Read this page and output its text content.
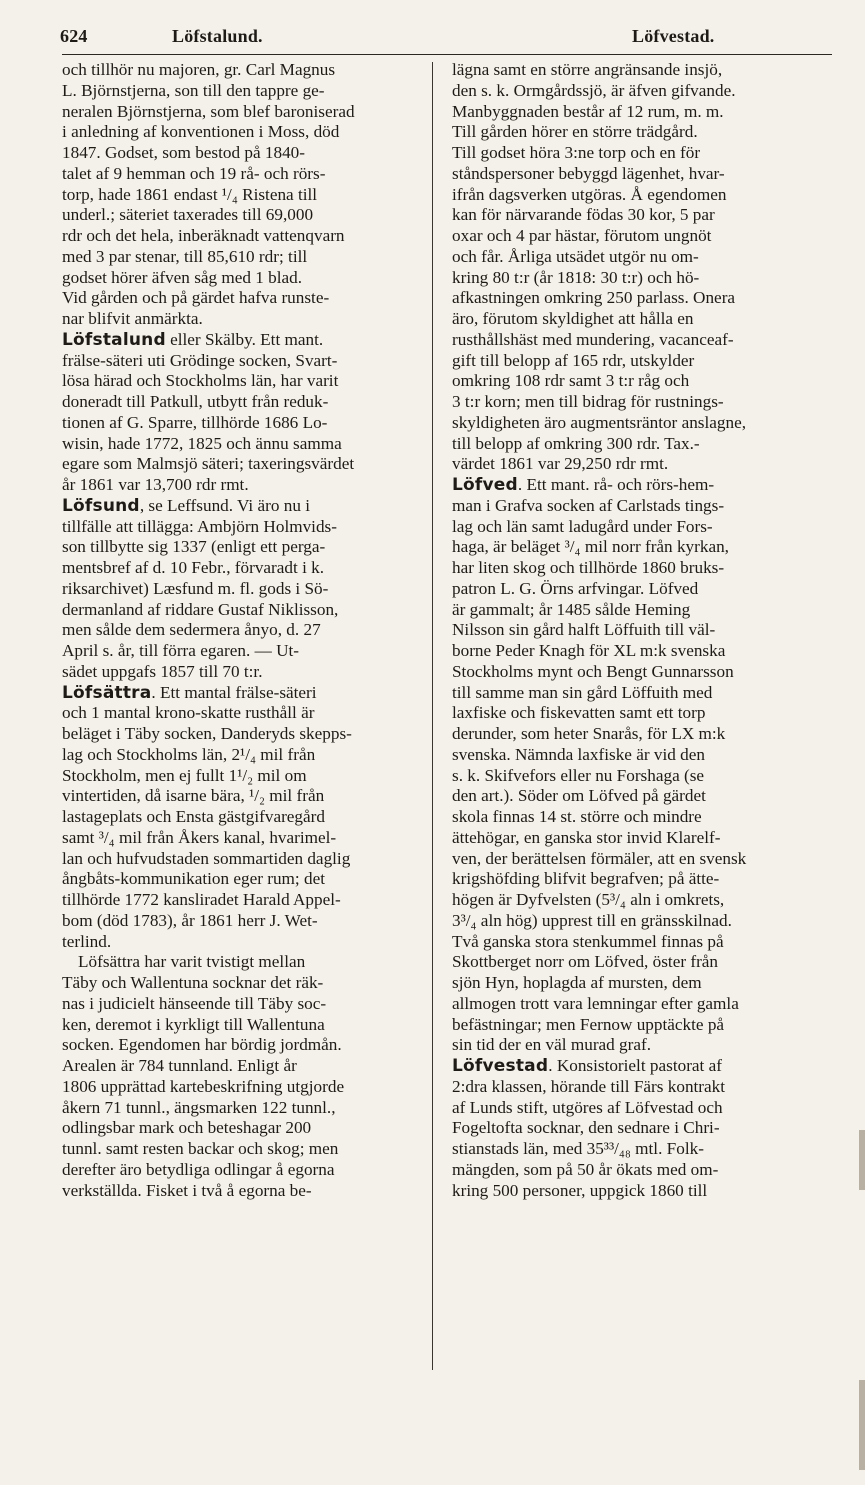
624	Löfstalund.	Löfvestad.
och tillhör nu majoren, gr. Carl Magnus
L. Björnstjerna, son till den tappre ge-
neralen Björnstjerna, som blef baroniserad
i anledning af konventionen i Moss, död
1847. Godset, som bestod på 1840-
talet af 9 hemman och 19 rå- och rörs-
torp, hade 1861 endast ¹/₄ Ristena till
underl.; säteriet taxerades till 69,000
rdr och det hela, inberäknadt vattenqvarn
med 3 par stenar, till 85,610 rdr; till
godset hörer äfven såg med 1 blad.
Vid gården och på gärdet hafva runste-
nar blifvit anmärkta.
Löfstalund eller Skälby. Ett mant.
frälse-säteri uti Grödinge socken, Svart-
lösa härad och Stockholms län, har varit
doneradt till Patkull, utbytt från reduk-
tionen af G. Sparre, tillhörde 1686 Lo-
wisin, hade 1772, 1825 och ännu samma
egare som Malmsjö säteri; taxeringsvärdet
år 1861 var 13,700 rdr rmt.
Löfsund, se Leffsund. Vi äro nu i
tillfälle att tillägga: Ambjörn Holmvids-
son tillbytte sig 1337 (enligt ett perga-
mentsbref af d. 10 Febr., förvaradt i k.
riksarchivet) Læsfund m. fl. gods i Sö-
dermanland af riddare Gustaf Niklisson,
men sålde dem sedermera ånyo, d. 27
April s. år, till förra egaren. — Ut-
sädet uppgafs 1857 till 70 t:r.
Löfsättra. Ett mantal frälse-säteri
och 1 mantal krono-skatte rusthåll är
beläget i Täby socken, Danderyds skepps-
lag och Stockholms län, 2¹/₄ mil från
Stockholm, men ej fullt 1¹/₂ mil om
vintertiden, då isarne bära, ¹/₂ mil från
lastageplats och Ensta gästgifvaregård
samt ³/₄ mil från Åkers kanal, hvarimel-
lan och hufvudstaden sommartiden daglig
ångbåts-kommunikation eger rum; det
tillhörde 1772 kansliradet Harald Appel-
bom (död 1783), år 1861 herr J. Wet-
terlind.
Löfsättra har varit tvistigt mellan
Täby och Wallentuna socknar det räk-
nas i judicielt hänseende till Täby soc-
ken, deremot i kyrkligt till Wallentuna
socken. Egendomen har bördig jordmån.
Arealen är 784 tunnland. Enligt år
1806 upprättad kartebeskrifning utgjorde
åkern 71 tunnl., ängsmarken 122 tunnl.,
odlingsbar mark och beteshagar 200
tunnl. samt resten backar och skog; men
derefter äro betydliga odlingar å egorna
verkställda. Fisket i två å egorna be-
lägna samt en större angränsande insjö,
den s. k. Ormgårdssjö, är äfven gifvande.
Manbyggnaden består af 12 rum, m. m.
Till gården hörer en större trädgård.
Till godset höra 3:ne torp och en för
ståndspersoner bebyggd lägenhet, hvar-
ifrån dagsverken utgöras. Å egendomen
kan för närvarande födas 30 kor, 5 par
oxar och 4 par hästar, förutom ungnöt
och får. Årliga utsädet utgör nu om-
kring 80 t:r (år 1818: 30 t:r) och hö-
afkastningen omkring 250 parlass. Onera
äro, förutom skyldighet att hålla en
rusthållshäst med mundering, vacanceaf-
gift till belopp af 165 rdr, utskylder
omkring 108 rdr samt 3 t:r råg och
3 t:r korn; men till bidrag för rustnings-
skyldigheten äro augmentsräntor anslagne,
till belopp af omkring 300 rdr. Tax.-
värdet 1861 var 29,250 rdr rmt.
Löfved. Ett mant. rå- och rörs-hem-
man i Grafva socken af Carlstads tings-
lag och län samt ladugård under Fors-
haga, är beläget ³/₄ mil norr från kyrkan,
har liten skog och tillhörde 1860 bruks-
patron L. G. Örns arfvingar. Löfved
är gammalt; år 1485 sålde Heming
Nilsson sin gård halft Löffuith till väl-
borne Peder Knagh för XL m:k svenska
Stockholms mynt och Bengt Gunnarsson
till samme man sin gård Löffuith med
laxfiske och fiskevatten samt ett torp
derunder, som heter Snarås, för LX m:k
svenska. Nämnda laxfiske är vid den
s. k. Skifvefors eller nu Forshaga (se
den art.). Söder om Löfved på gärdet
skola finnas 14 st. större och mindre
ättehögar, en ganska stor invid Klarelf-
ven, der berättelsen förmäler, att en svensk
krigshöfding blifvit begrafven; på ätte-
högen är Dyfvelsten (5³/₄ aln i omkrets,
3³/₄ aln hög) upprest till en gränsskilnad.
Två ganska stora stenkummel finnas på
Skottberget norr om Löfved, öster från
sjön Hyn, hoplagda af mursten, dem
allmogen trott vara lemningar efter gamla
befästningar; men Fernow upptäckte på
sin tid der en väl murad graf.
Löfvestad. Konsistorielt pastorat af
2:dra klassen, hörande till Färs kontrakt
af Lunds stift, utgöres af Löfvestad och
Fogeltofta socknar, den sednare i Chri-
stianstads län, med 35³³/₄₈ mtl. Folk-
mängden, som på 50 år ökats med om-
kring 500 personer, uppgick 1860 till
